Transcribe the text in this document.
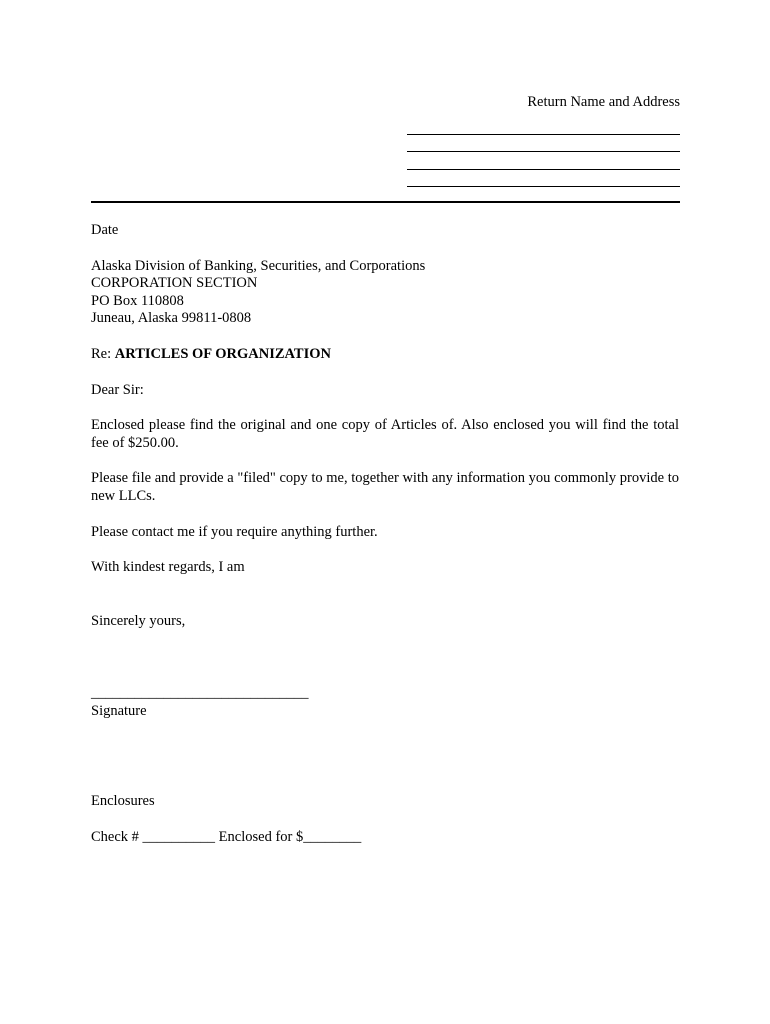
Return Name and Address
Date
Alaska Division of Banking, Securities, and Corporations
CORPORATION SECTION
PO Box 110808
Juneau, Alaska 99811-0808
Re: ARTICLES OF ORGANIZATION
Dear Sir:
Enclosed please find the original and one copy of Articles of. Also enclosed you will find the total fee of $250.00.
Please file and provide a "filed" copy to me, together with any information you commonly provide to new LLCs.
Please contact me if you require anything further.
With kindest regards, I am
Sincerely yours,
______________________________
Signature
Enclosures
Check # __________ Enclosed for $________
